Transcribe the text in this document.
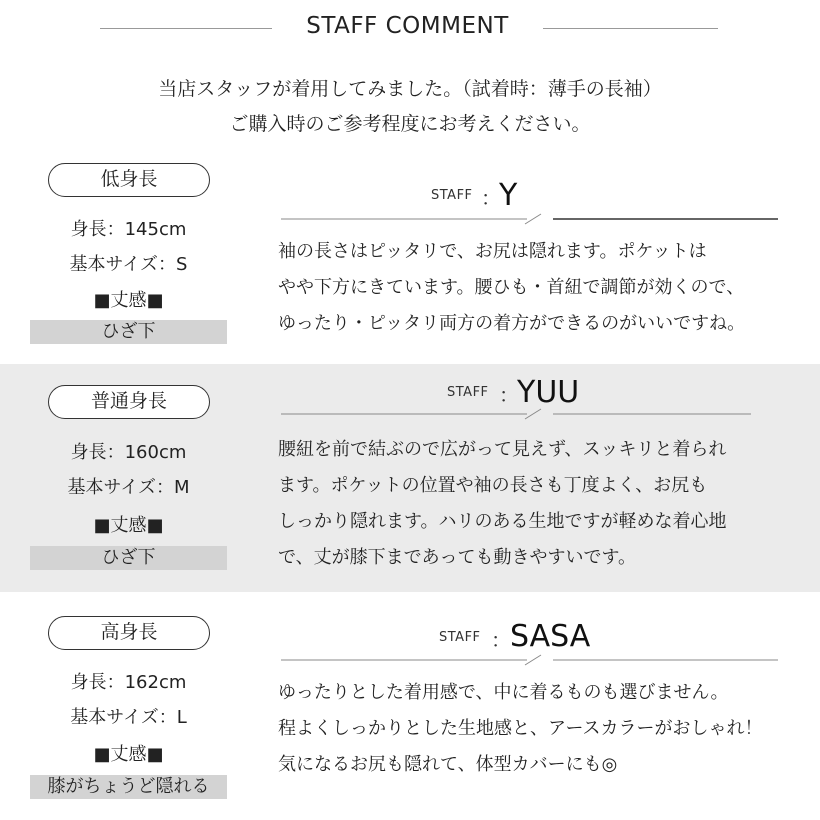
STAFF COMMENT
当店スタッフが着用してみました。（試着時：薄手の長袖）
ご購入時のご参考程度にお考えください。
低身長
身長：145cm
基本サイズ：S
■丈感■
ひざ下
STAFF ：
Y
袖の長さはピッタリで、お尻は隠れます。ポケットは
やや下方にきています。腰ひも・首紐で調節が効くので、
ゆったり・ピッタリ両方の着方ができるのがいいですね。
普通身長
身長：160cm
基本サイズ：M
■丈感■
ひざ下
STAFF ：
YUU
腰紐を前で結ぶので広がって見えず、スッキリと着られ
ます。ポケットの位置や袖の長さも丁度よく、お尻も
しっかり隠れます。ハリのある生地ですが軽めな着心地
で、丈が膝下まであっても動きやすいです。
高身長
身長：162cm
基本サイズ：L
■丈感■
膝がちょうど隠れる
STAFF ：
SASA
ゆったりとした着用感で、中に着るものも選びません。
程よくしっかりとした生地感と、アースカラーがおしゃれ！
気になるお尻も隠れて、体型カバーにも◎
